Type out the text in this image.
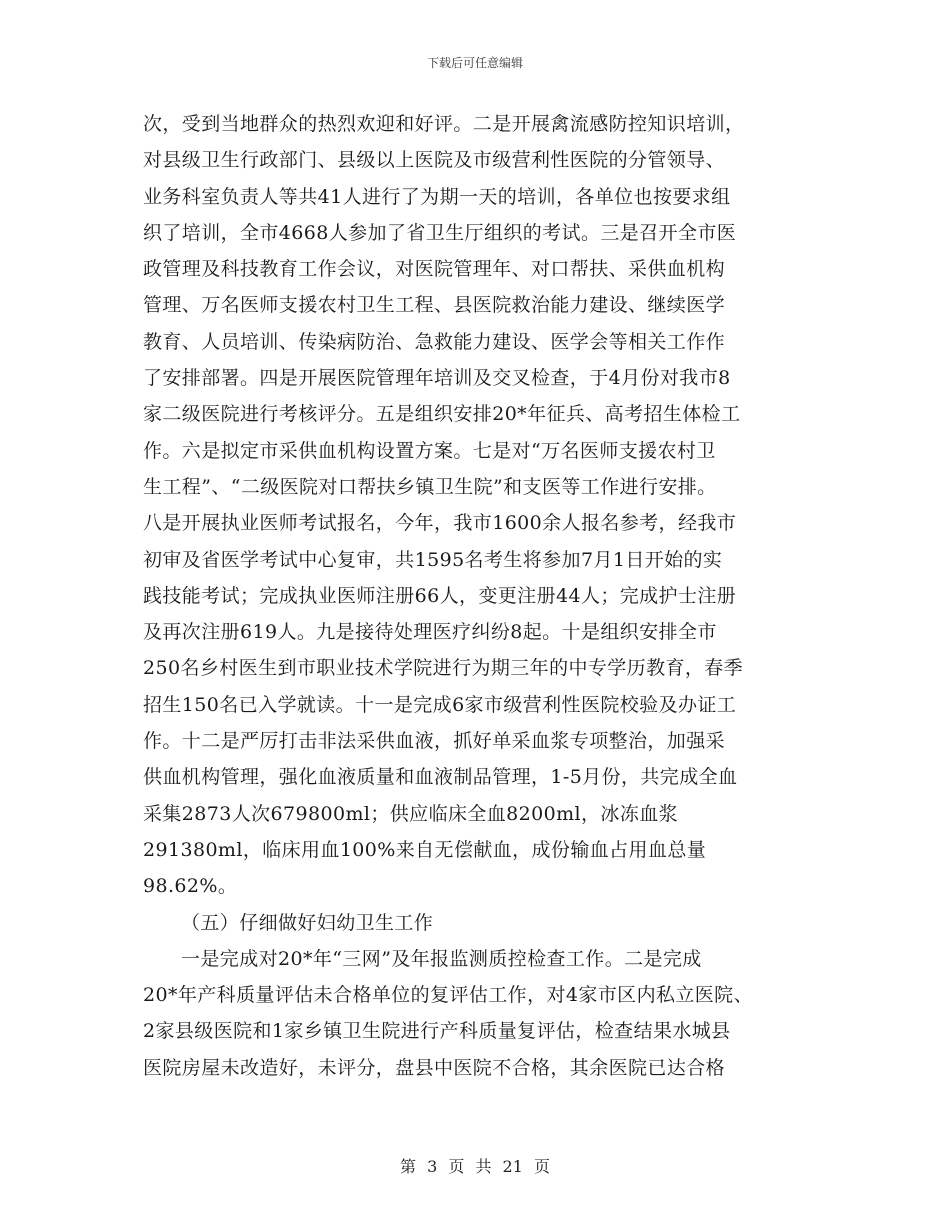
下载后可任意编辑
次，受到当地群众的热烈欢迎和好评。二是开展禽流感防控知识培训，
对县级卫生行政部门、县级以上医院及市级营利性医院的分管领导、
业务科室负责人等共41人进行了为期一天的培训，各单位也按要求组
织了培训，全市4668人参加了省卫生厅组织的考试。三是召开全市医
政管理及科技教育工作会议，对医院管理年、对口帮扶、采供血机构
管理、万名医师支援农村卫生工程、县医院救治能力建设、继续医学
教育、人员培训、传染病防治、急救能力建设、医学会等相关工作作
了安排部署。四是开展医院管理年培训及交叉检查，于4月份对我市8
家二级医院进行考核评分。五是组织安排20*年征兵、高考招生体检工
作。六是拟定市采供血机构设置方案。七是对“万名医师支援农村卫
生工程”、“二级医院对口帮扶乡镇卫生院”和支医等工作进行安排。
八是开展执业医师考试报名，今年，我市1600余人报名参考，经我市
初审及省医学考试中心复审，共1595名考生将参加7月1日开始的实
践技能考试；完成执业医师注册66人，变更注册44人；完成护士注册
及再次注册619人。九是接待处理医疗纠纷8起。十是组织安排全市
250名乡村医生到市职业技术学院进行为期三年的中专学历教育，春季
招生150名已入学就读。十一是完成6家市级营利性医院校验及办证工
作。十二是严厉打击非法采供血液，抓好单采血浆专项整治，加强采
供血机构管理，强化血液质量和血液制品管理，1-5月份，共完成全血
采集2873人次679800ml；供应临床全血8200ml，冰冻血浆
291380ml，临床用血100%来自无偿献血，成份输血占用血总量
98.62%。
（五）仔细做好妇幼卫生工作
一是完成对20*年“三网”及年报监测质控检查工作。二是完成
20*年产科质量评估未合格单位的复评估工作，对4家市区内私立医院、
2家县级医院和1家乡镇卫生院进行产科质量复评估，检查结果水城县
医院房屋未改造好，未评分，盘县中医院不合格，其余医院已达合格
第 3 页 共 21 页
